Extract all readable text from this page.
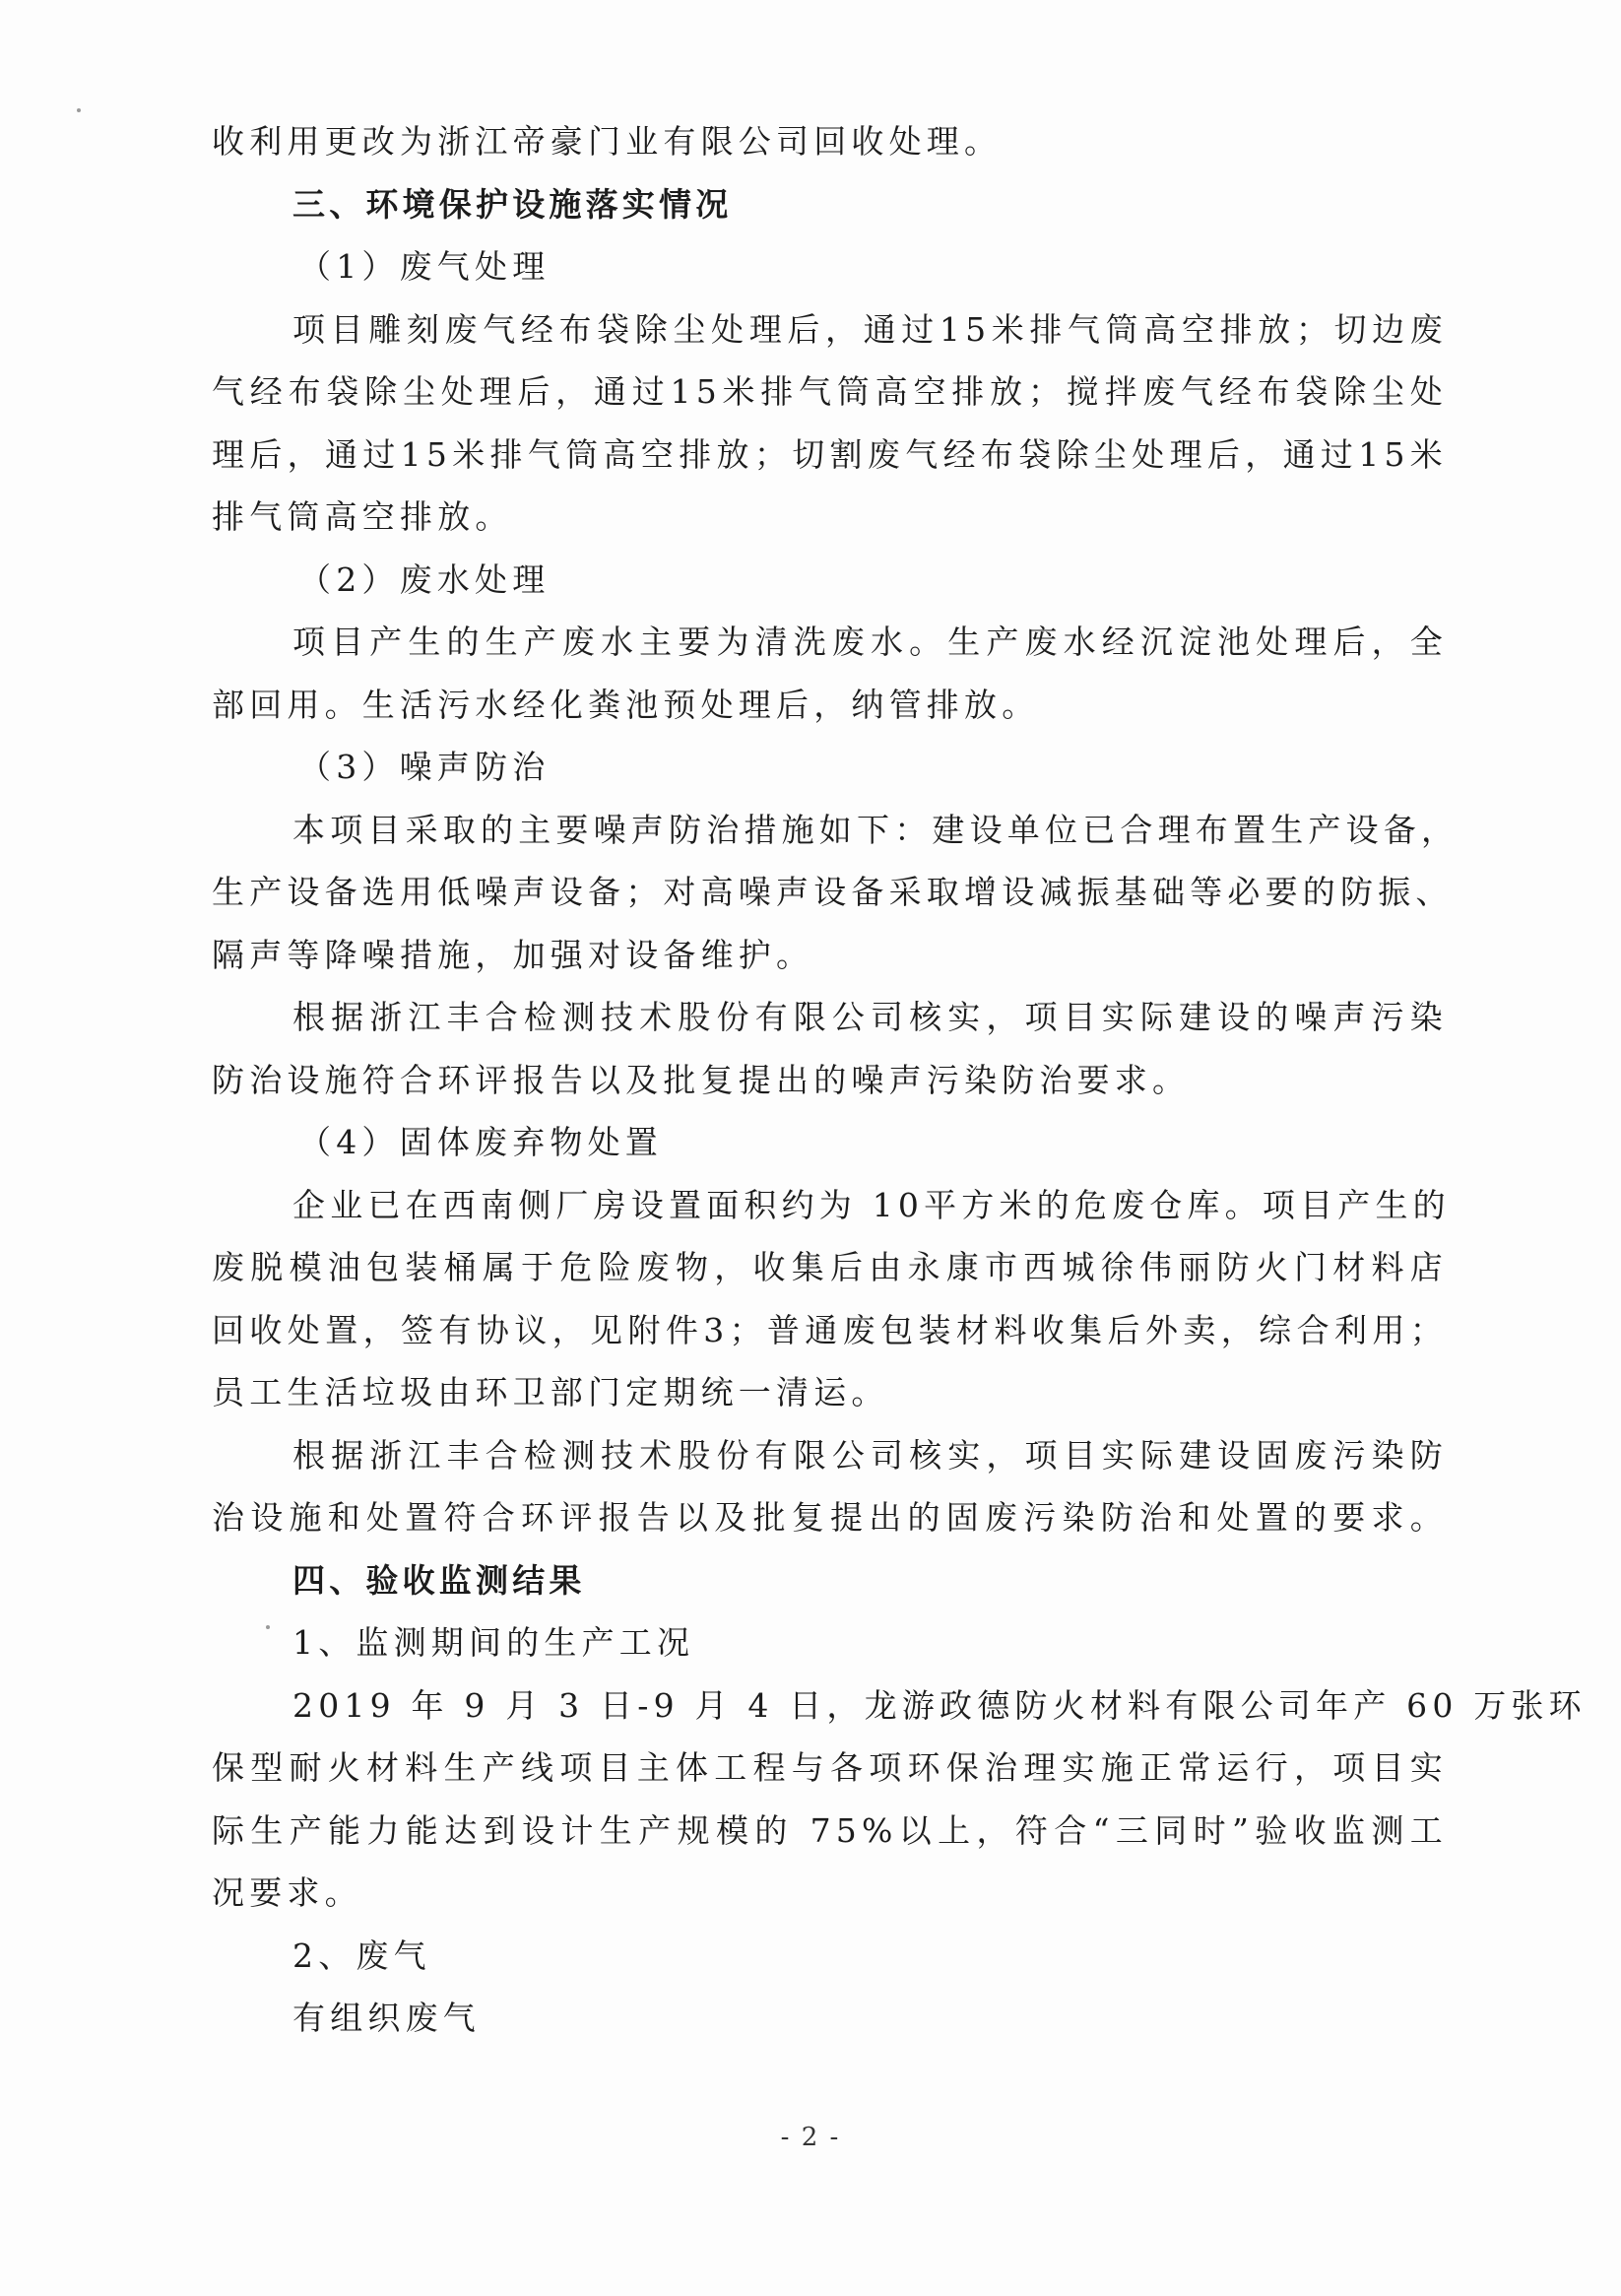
收利用更改为浙江帝豪门业有限公司回收处理。
三、环境保护设施落实情况
（1）废气处理
项目雕刻废气经布袋除尘处理后，通过15米排气筒高空排放；切边废
气经布袋除尘处理后，通过15米排气筒高空排放；搅拌废气经布袋除尘处
理后，通过15米排气筒高空排放；切割废气经布袋除尘处理后，通过15米
排气筒高空排放。
（2）废水处理
项目产生的生产废水主要为清洗废水。生产废水经沉淀池处理后，全
部回用。生活污水经化粪池预处理后，纳管排放。
（3）噪声防治
本项目采取的主要噪声防治措施如下：建设单位已合理布置生产设备，
生产设备选用低噪声设备；对高噪声设备采取增设减振基础等必要的防振、
隔声等降噪措施，加强对设备维护。
根据浙江丰合检测技术股份有限公司核实，项目实际建设的噪声污染
防治设施符合环评报告以及批复提出的噪声污染防治要求。
（4）固体废弃物处置
企业已在西南侧厂房设置面积约为 10平方米的危废仓库。项目产生的
废脱模油包装桶属于危险废物，收集后由永康市西城徐伟丽防火门材料店
回收处置，签有协议，见附件3；普通废包装材料收集后外卖，综合利用；
员工生活垃圾由环卫部门定期统一清运。
根据浙江丰合检测技术股份有限公司核实，项目实际建设固废污染防
治设施和处置符合环评报告以及批复提出的固废污染防治和处置的要求。
四、验收监测结果
1、监测期间的生产工况
2019 年 9 月 3 日-9 月 4 日，龙游政德防火材料有限公司年产 60 万张环
保型耐火材料生产线项目主体工程与各项环保治理实施正常运行，项目实
际生产能力能达到设计生产规模的 75%以上，符合“三同时”验收监测工
况要求。
2、废气
有组织废气
- 2 -
